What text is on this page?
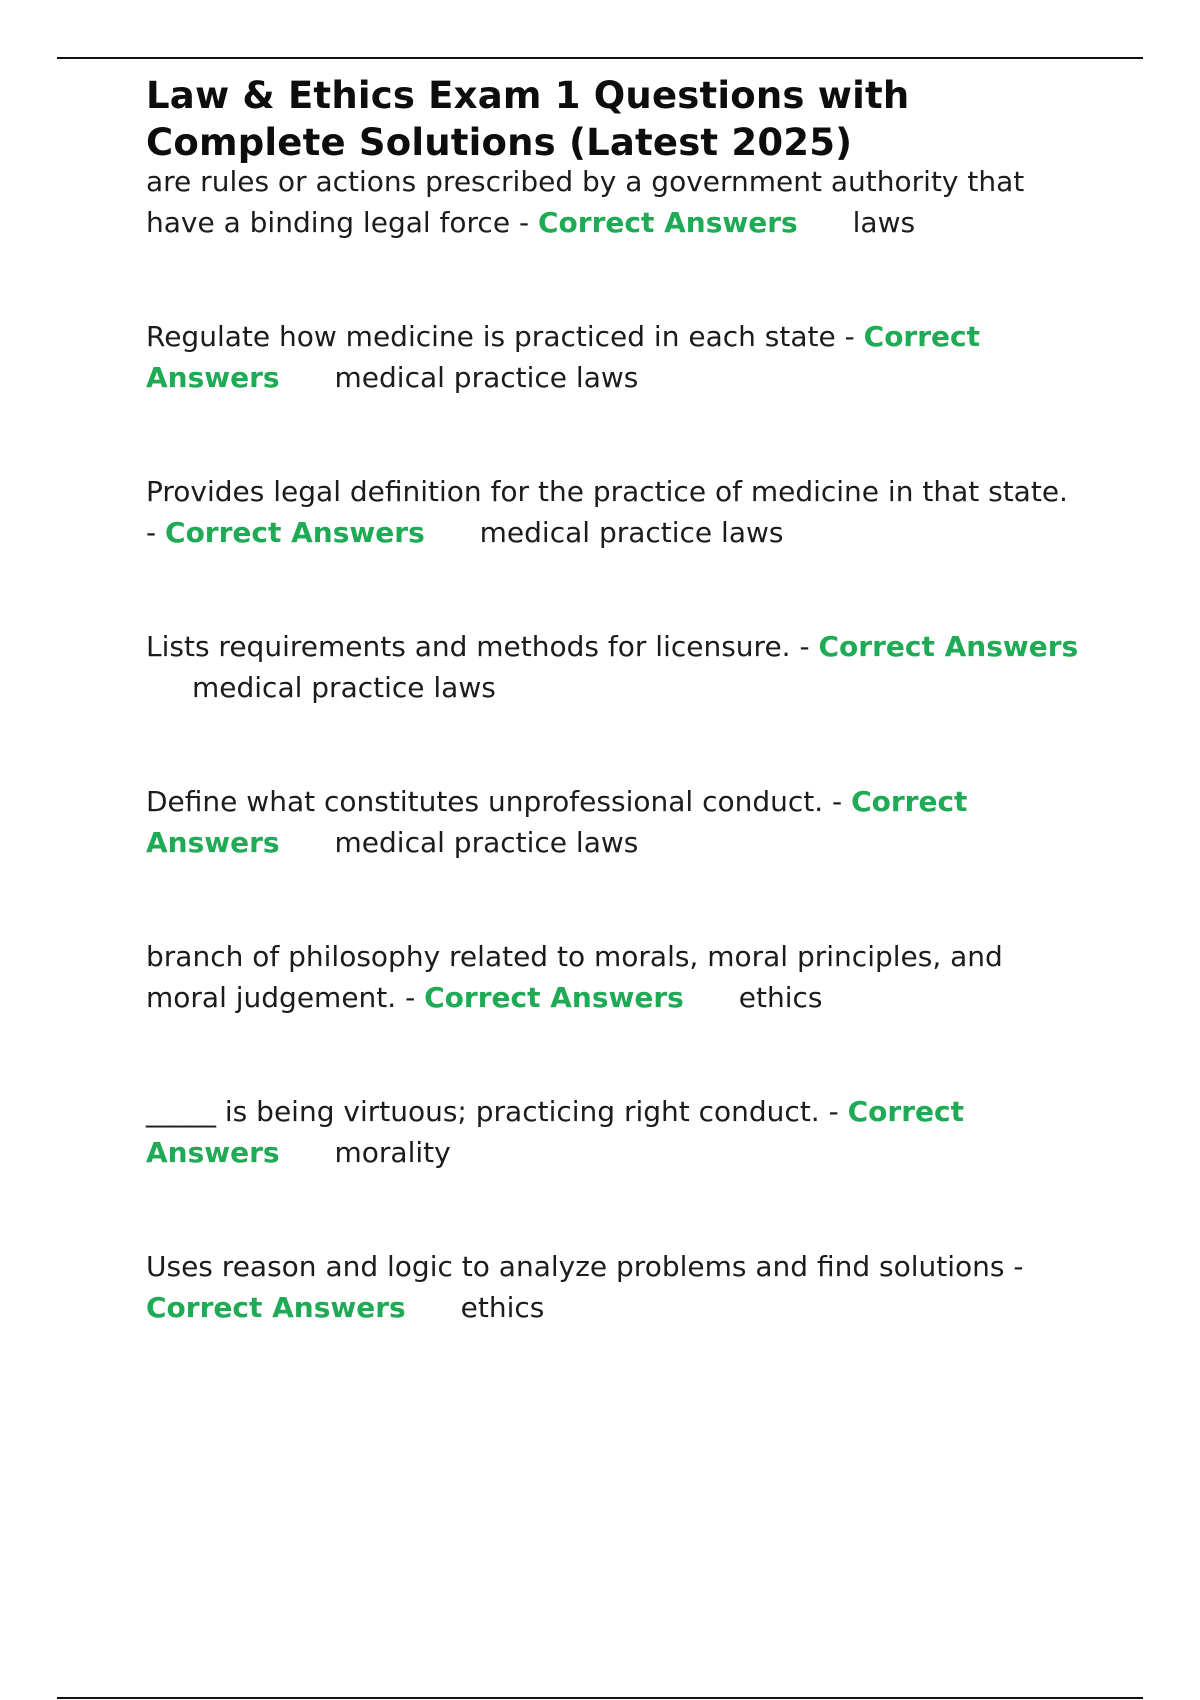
Law & Ethics Exam 1 Questions with Complete Solutions (Latest 2025)

are rules or actions prescribed by a government authority that have a binding legal force - Correct Answers laws

Regulate how medicine is practiced in each state - Correct Answers medical practice laws

Provides legal definition for the practice of medicine in that state. - Correct Answers medical practice laws

Lists requirements and methods for licensure. - Correct Answers medical practice laws

Define what constitutes unprofessional conduct. - Correct Answers medical practice laws

branch of philosophy related to morals, moral principles, and moral judgement. - Correct Answers ethics

_____ is being virtuous; practicing right conduct. - Correct Answers morality

Uses reason and logic to analyze problems and find solutions - Correct Answers ethics
